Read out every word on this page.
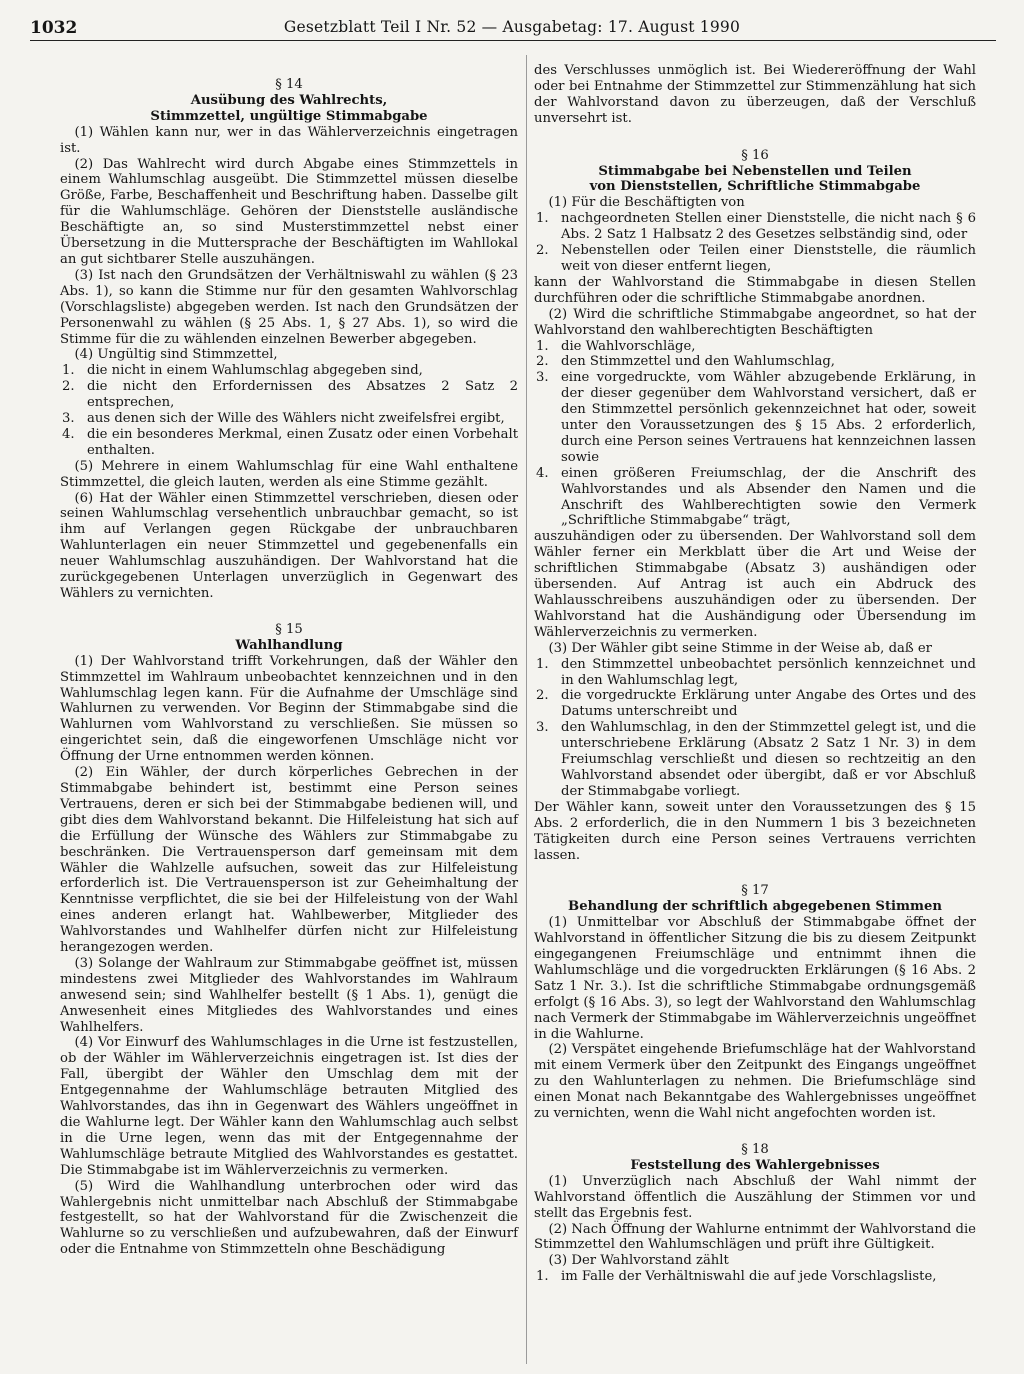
1032	Gesetzblatt Teil I Nr. 52 — Ausgabetag: 17. August 1990

§ 14

Ausübung des Wahlrechts,

Stimmzettel, ungültige Stimmabgabe

(1) Wählen kann nur, wer in das Wählerverzeichnis eingetragen ist.

(2) Das Wahlrecht wird durch Abgabe eines Stimmzettels in einem Wahlumschlag ausgeübt. Die Stimmzettel müssen dieselbe Größe, Farbe, Beschaffenheit und Beschriftung haben. Dasselbe gilt für die Wahlumschläge. Gehören der Dienststelle ausländische Beschäftigte an, so sind Musterstimmzettel nebst einer Übersetzung in die Muttersprache der Beschäftigten im Wahllokal an gut sichtbarer Stelle auszuhängen.

(3) Ist nach den Grundsätzen der Verhältniswahl zu wählen (§ 23 Abs. 1), so kann die Stimme nur für den gesamten Wahlvorschlag (Vorschlagsliste) abgegeben werden. Ist nach den Grundsätzen der Personenwahl zu wählen (§ 25 Abs. 1, § 27 Abs. 1), so wird die Stimme für die zu wählenden einzelnen Bewerber abgegeben.

(4) Ungültig sind Stimmzettel,

1. die nicht in einem Wahlumschlag abgegeben sind,
2. die nicht den Erfordernissen des Absatzes 2 Satz 2 entsprechen,
3. aus denen sich der Wille des Wählers nicht zweifelsfrei ergibt,
4. die ein besonderes Merkmal, einen Zusatz oder einen Vorbehalt enthalten.

(5) Mehrere in einem Wahlumschlag für eine Wahl enthaltene Stimmzettel, die gleich lauten, werden als eine Stimme gezählt.

(6) Hat der Wähler einen Stimmzettel verschrieben, diesen oder seinen Wahlumschlag versehentlich unbrauchbar gemacht, so ist ihm auf Verlangen gegen Rückgabe der unbrauchbaren Wahlunterlagen ein neuer Stimmzettel und gegebenenfalls ein neuer Wahlumschlag auszuhändigen. Der Wahlvorstand hat die zurückgegebenen Unterlagen unverzüglich in Gegenwart des Wählers zu vernichten.

§ 15

Wahlhandlung

(1) Der Wahlvorstand trifft Vorkehrungen, daß der Wähler den Stimmzettel im Wahlraum unbeobachtet kennzeichnen und in den Wahlumschlag legen kann. Für die Aufnahme der Umschläge sind Wahlurnen zu verwenden. Vor Beginn der Stimmabgabe sind die Wahlurnen vom Wahlvorstand zu verschließen. Sie müssen so eingerichtet sein, daß die eingeworfenen Umschläge nicht vor Öffnung der Urne entnommen werden können.

(2) Ein Wähler, der durch körperliches Gebrechen in der Stimmabgabe behindert ist, bestimmt eine Person seines Vertrauens, deren er sich bei der Stimmabgabe bedienen will, und gibt dies dem Wahlvorstand bekannt. Die Hilfeleistung hat sich auf die Erfüllung der Wünsche des Wählers zur Stimmabgabe zu beschränken. Die Vertrauensperson darf gemeinsam mit dem Wähler die Wahlzelle aufsuchen, soweit das zur Hilfeleistung erforderlich ist. Die Vertrauensperson ist zur Geheimhaltung der Kenntnisse verpflichtet, die sie bei der Hilfeleistung von der Wahl eines anderen erlangt hat. Wahlbewerber, Mitglieder des Wahlvorstandes und Wahlhelfer dürfen nicht zur Hilfeleistung herangezogen werden.

(3) Solange der Wahlraum zur Stimmabgabe geöffnet ist, müssen mindestens zwei Mitglieder des Wahlvorstandes im Wahlraum anwesend sein; sind Wahlhelfer bestellt (§ 1 Abs. 1), genügt die Anwesenheit eines Mitgliedes des Wahlvorstandes und eines Wahlhelfers.

(4) Vor Einwurf des Wahlumschlages in die Urne ist festzustellen, ob der Wähler im Wählerverzeichnis eingetragen ist. Ist dies der Fall, übergibt der Wähler den Umschlag dem mit der Entgegennahme der Wahlumschläge betrauten Mitglied des Wahlvorstandes, das ihn in Gegenwart des Wählers ungeöffnet in die Wahlurne legt. Der Wähler kann den Wahlumschlag auch selbst in die Urne legen, wenn das mit der Entgegennahme der Wahlumschläge betraute Mitglied des Wahlvorstandes es gestattet. Die Stimmabgabe ist im Wählerverzeichnis zu vermerken.

(5) Wird die Wahlhandlung unterbrochen oder wird das Wahlergebnis nicht unmittelbar nach Abschluß der Stimmabgabe festgestellt, so hat der Wahlvorstand für die Zwischenzeit die Wahlurne so zu verschließen und aufzubewahren, daß der Einwurf oder die Entnahme von Stimmzetteln ohne Beschädigung

des Verschlusses unmöglich ist. Bei Wiedereröffnung der Wahl oder bei Entnahme der Stimmzettel zur Stimmenzählung hat sich der Wahlvorstand davon zu überzeugen, daß der Verschluß unversehrt ist.

§ 16

Stimmabgabe bei Nebenstellen und Teilen

von Dienststellen, Schriftliche Stimmabgabe

(1) Für die Beschäftigten von

1. nachgeordneten Stellen einer Dienststelle, die nicht nach § 6 Abs. 2 Satz 1 Halbsatz 2 des Gesetzes selbständig sind, oder
2. Nebenstellen oder Teilen einer Dienststelle, die räumlich weit von dieser entfernt liegen,

kann der Wahlvorstand die Stimmabgabe in diesen Stellen durchführen oder die schriftliche Stimmabgabe anordnen.

(2) Wird die schriftliche Stimmabgabe angeordnet, so hat der Wahlvorstand den wahlberechtigten Beschäftigten

1. die Wahlvorschläge,
2. den Stimmzettel und den Wahlumschlag,
3. eine vorgedruckte, vom Wähler abzugebende Erklärung, in der dieser gegenüber dem Wahlvorstand versichert, daß er den Stimmzettel persönlich gekennzeichnet hat oder, soweit unter den Voraussetzungen des § 15 Abs. 2 erforderlich, durch eine Person seines Vertrauens hat kennzeichnen lassen sowie
4. einen größeren Freiumschlag, der die Anschrift des Wahlvorstandes und als Absender den Namen und die Anschrift des Wahlberechtigten sowie den Vermerk „Schriftliche Stimmabgabe“ trägt,

auszuhändigen oder zu übersenden. Der Wahlvorstand soll dem Wähler ferner ein Merkblatt über die Art und Weise der schriftlichen Stimmabgabe (Absatz 3) aushändigen oder übersenden. Auf Antrag ist auch ein Abdruck des Wahlausschreibens auszuhändigen oder zu übersenden. Der Wahlvorstand hat die Aushändigung oder Übersendung im Wählerverzeichnis zu vermerken.

(3) Der Wähler gibt seine Stimme in der Weise ab, daß er

1. den Stimmzettel unbeobachtet persönlich kennzeichnet und in den Wahlumschlag legt,
2. die vorgedruckte Erklärung unter Angabe des Ortes und des Datums unterschreibt und
3. den Wahlumschlag, in den der Stimmzettel gelegt ist, und die unterschriebene Erklärung (Absatz 2 Satz 1 Nr. 3) in dem Freiumschlag verschließt und diesen so rechtzeitig an den Wahlvorstand absendet oder übergibt, daß er vor Abschluß der Stimmabgabe vorliegt.

Der Wähler kann, soweit unter den Voraussetzungen des § 15 Abs. 2 erforderlich, die in den Nummern 1 bis 3 bezeichneten Tätigkeiten durch eine Person seines Vertrauens verrichten lassen.

§ 17

Behandlung der schriftlich abgegebenen Stimmen

(1) Unmittelbar vor Abschluß der Stimmabgabe öffnet der Wahlvorstand in öffentlicher Sitzung die bis zu diesem Zeitpunkt eingegangenen Freiumschläge und entnimmt ihnen die Wahlumschläge und die vorgedruckten Erklärungen (§ 16 Abs. 2 Satz 1 Nr. 3.). Ist die schriftliche Stimmabgabe ordnungsgemäß erfolgt (§ 16 Abs. 3), so legt der Wahlvorstand den Wahlumschlag nach Vermerk der Stimmabgabe im Wählerverzeichnis ungeöffnet in die Wahlurne.

(2) Verspätet eingehende Briefumschläge hat der Wahlvorstand mit einem Vermerk über den Zeitpunkt des Eingangs ungeöffnet zu den Wahlunterlagen zu nehmen. Die Briefumschläge sind einen Monat nach Bekanntgabe des Wahlergebnisses ungeöffnet zu vernichten, wenn die Wahl nicht angefochten worden ist.

§ 18

Feststellung des Wahlergebnisses

(1) Unverzüglich nach Abschluß der Wahl nimmt der Wahlvorstand öffentlich die Auszählung der Stimmen vor und stellt das Ergebnis fest.

(2) Nach Öffnung der Wahlurne entnimmt der Wahlvorstand die Stimmzettel den Wahlumschlägen und prüft ihre Gültigkeit.

(3) Der Wahlvorstand zählt

1. im Falle der Verhältniswahl die auf jede Vorschlagsliste,
